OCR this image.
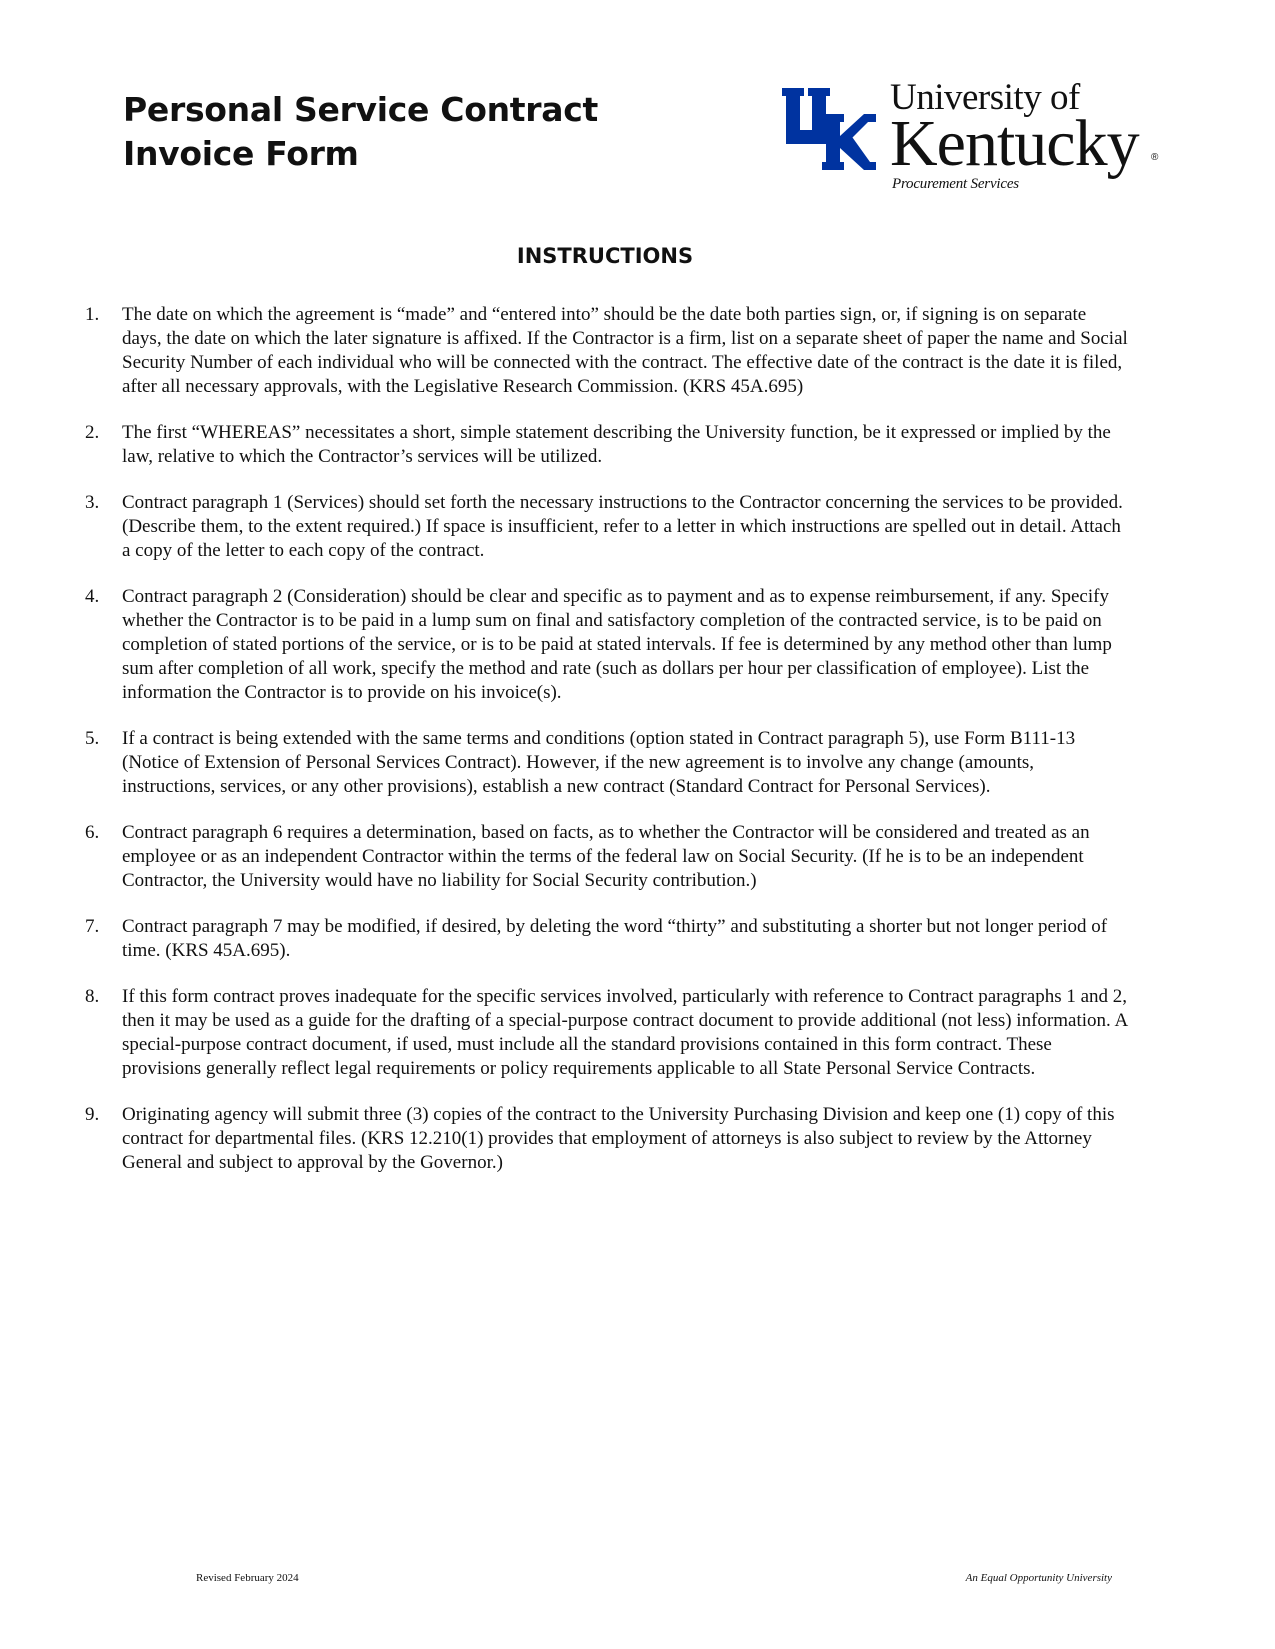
Personal Service Contract
Invoice Form

University of

Kentucky ®

Procurement Services

INSTRUCTIONS
1. The date on which the agreement is “made” and “entered into” should be the date both parties sign, or, if signing is on separate days, the date on which the later signature is affixed. If the Contractor is a firm, list on a separate sheet of paper the name and Social Security Number of each individual who will be connected with the contract. The effective date of the contract is the date it is filed, after all necessary approvals, with the Legislative Research Commission. (KRS 45A.695)
2. The first “WHEREAS” necessitates a short, simple statement describing the University function, be it expressed or implied by the law, relative to which the Contractor’s services will be utilized.
3. Contract paragraph 1 (Services) should set forth the necessary instructions to the Contractor concerning the services to be provided. (Describe them, to the extent required.) If space is insufficient, refer to a letter in which instructions are spelled out in detail. Attach a copy of the letter to each copy of the contract.
4. Contract paragraph 2 (Consideration) should be clear and specific as to payment and as to expense reimbursement, if any. Specify whether the Contractor is to be paid in a lump sum on final and satisfactory completion of the contracted service, is to be paid on completion of stated portions of the service, or is to be paid at stated intervals. If fee is determined by any method other than lump sum after completion of all work, specify the method and rate (such as dollars per hour per classification of employee). List the information the Contractor is to provide on his invoice(s).
5. If a contract is being extended with the same terms and conditions (option stated in Contract paragraph 5), use Form B111-13 (Notice of Extension of Personal Services Contract). However, if the new agreement is to involve any change (amounts, instructions, services, or any other provisions), establish a new contract (Standard Contract for Personal Services).
6. Contract paragraph 6 requires a determination, based on facts, as to whether the Contractor will be considered and treated as an employee or as an independent Contractor within the terms of the federal law on Social Security. (If he is to be an independent Contractor, the University would have no liability for Social Security contribution.)
7. Contract paragraph 7 may be modified, if desired, by deleting the word “thirty” and substituting a shorter but not longer period of time. (KRS 45A.695).
8. If this form contract proves inadequate for the specific services involved, particularly with reference to Contract paragraphs 1 and 2, then it may be used as a guide for the drafting of a special-purpose contract document to provide additional (not less) information. A special-purpose contract document, if used, must include all the standard provisions contained in this form contract. These provisions generally reflect legal requirements or policy requirements applicable to all State Personal Service Contracts.
9. Originating agency will submit three (3) copies of the contract to the University Purchasing Division and keep one (1) copy of this contract for departmental files. (KRS 12.210(1) provides that employment of attorneys is also subject to review by the Attorney General and subject to approval by the Governor.)
Revised February 2024	An Equal Opportunity University
